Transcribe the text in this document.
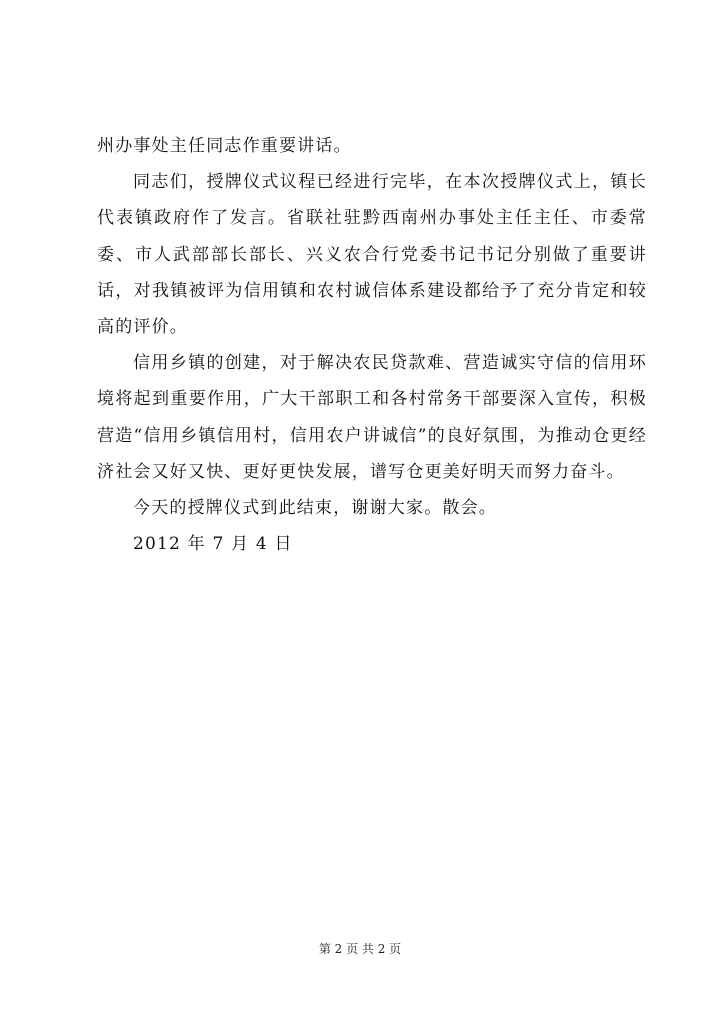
州办事处主任同志作重要讲话。

同志们，授牌仪式议程已经进行完毕，在本次授牌仪式上，镇长代表镇政府作了发言。省联社驻黔西南州办事处主任主任、市委常委、市人武部部长部长、兴义农合行党委书记书记分别做了重要讲话，对我镇被评为信用镇和农村诚信体系建设都给予了充分肯定和较高的评价。

信用乡镇的创建，对于解决农民贷款难、营造诚实守信的信用环境将起到重要作用，广大干部职工和各村常务干部要深入宣传，积极营造“信用乡镇信用村，信用农户讲诚信”的良好氛围，为推动仓更经济社会又好又快、更好更快发展，谱写仓更美好明天而努力奋斗。

今天的授牌仪式到此结束，谢谢大家。散会。

2012 年 7 月 4 日

第 2 页 共 2 页
